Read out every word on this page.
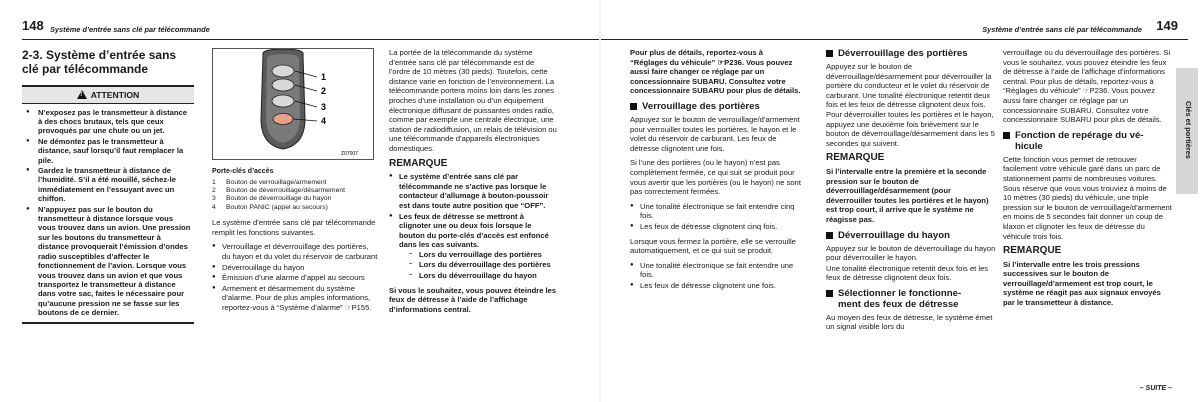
148 Système d’entrée sans clé par télécommande
2-3. Système d’entrée sans
clé par télécommande
!ATTENTION
● N’exposez pas le transmetteur à distance à des chocs brutaux, tels que ceux provoqués par une chute ou un jet.
● Ne démontez pas le transmetteur à distance, sauf lorsqu’il faut remplacer la pile.
● Gardez le transmetteur à distance de l’humidité. S’il a été mouillé, séchez-le immédiatement en l’essuyant avec un chiffon.
● N’appuyez pas sur le bouton du transmetteur à distance lorsque vous vous trouvez dans un avion. Une pression sur les boutons du transmetteur à distance provoquerait l’émission d’ondes radio susceptibles d’affecter le fonctionnement de l’avion. Lorsque vous vous trouvez dans un avion et que vous transportez le transmetteur à distance dans votre sac, faites le nécessaire pour qu’aucune pression ne se fasse sur les boutons de ce dernier.
1
2
3
4
Z07007
Porte-clés d’accès
1 Bouton de verrouillage/armement
2 Bouton de déverrouillage/désarmement
3 Bouton de déverrouillage du hayon
4 Bouton PANIC (appel au secours)

Le système d’entrée sans clé par télécommande remplit les fonctions suivantes.

● Verrouillage et déverrouillage des portières, du hayon et du volet du réservoir de carburant
● Déverrouillage du hayon
● Émission d’une alarme d’appel au secours
● Armement et désarmement du système d’alarme. Pour de plus amples informations, reportez-vous à “Système d’alarme” ☞P155.

La portée de la télécommande du système d’entrée sans clé par télécommande est de l’ordre de 10 mètres (30 pieds). Toutefois, cette distance varie en fonction de l’environnement. La télécommande portera moins loin dans les zones proches d’une installation ou d’un équipement électronique diffusant de puissantes ondes radio, comme par exemple une centrale électrique, une station de radiodiffusion, un relais de télévision ou une télécommande d’appareils électroniques domestiques.

REMARQUE
● Le système d’entrée sans clé par télécommande ne s’active pas lorsque le contacteur d’allumage à bouton-poussoir est dans toute autre position que “OFF”.
● Les feux de détresse se mettront à clignoter une ou deux fois lorsque le bouton du porte-clés d’accès est enfoncé dans les cas suivants.
– Lors du verrouillage des portières
– Lors du déverrouillage des portières
– Lors du déverrouillage du hayon

Si vous le souhaitez, vous pouvez éteindre les feux de détresse à l’aide de l’affichage d’informations central.

Système d’entrée sans clé par télécommande 149

Pour plus de détails, reportez-vous à “Réglages du véhicule” ☞P236. Vous pouvez aussi faire changer ce réglage par un concessionnaire SUBARU. Consultez votre concessionnaire SUBARU pour plus de détails.

Verrouillage des portières

Appuyez sur le bouton de verrouillage/d’armement pour verrouiller toutes les portières, le hayon et le volet du réservoir de carburant. Les feux de détresse clignotent une fois.

Si l’une des portières (ou le hayon) n’est pas complètement fermée, ce qui suit se produit pour vous avertir que les portières (ou le hayon) ne sont pas correctement fermées.

● Une tonalité électronique se fait entendre cinq fois.
● Les feux de détresse clignotent cinq fois.

Lorsque vous fermez la portière, elle se verrouille automatiquement, et ce qui suit se produit.

● Une tonalité électronique se fait entendre une fois.
● Les feux de détresse clignotent une fois.
Déverrouillage des portières

Appuyez sur le bouton de déverrouillage/désarmement pour déverrouiller la portière du conducteur et le volet du réservoir de carburant. Une tonalité électronique retentit deux fois et les feux de détresse clignotent deux fois. Pour déverrouiller toutes les portières et le hayon, appuyez une deuxième fois brièvement sur le bouton de déverrouillage/désarmement dans les 5 secondes qui suivent.

REMARQUE

Si l’intervalle entre la première et la seconde pression sur le bouton de déverrouillage/désarmement (pour déverrouiller toutes les portières et le hayon) est trop court, il arrive que le système ne réagisse pas.

Déverrouillage du hayon

Appuyez sur le bouton de déverrouillage du hayon pour déverrouiller le hayon.

Une tonalité électronique retentit deux fois et les feux de détresse clignotent deux fois.

Sélectionner le fonctionne-
ment des feux de détresse

Au moyen des feux de détresse, le système émet un signal visible lors du

verrouillage ou du déverrouillage des portières. Si vous le souhaitez, vous pouvez éteindre les feux de détresse à l’aide de l’affichage d’informations central. Pour plus de détails, reportez-vous à “Réglages du véhicule” ☞P236. Vous pouvez aussi faire changer ce réglage par un concessionnaire SUBARU. Consultez votre concessionnaire SUBARU pour plus de détails.

Fonction de repérage du vé-
hicule

Cette fonction vous permet de retrouver facilement votre véhicule garé dans un parc de stationnement parmi de nombreuses voitures. Sous réserve que vous vous trouviez à moins de 10 mètres (30 pieds) du véhicule, une triple pression sur le bouton de verrouillage/d’armement en moins de 5 secondes fait donner un coup de klaxon et clignoter les feux de détresse du véhicule trois fois.

REMARQUE

Si l’intervalle entre les trois pressions successives sur le bouton de verrouillage/d’armement est trop court, le système ne réagit pas aux signaux envoyés par le transmetteur à distance.

Clés et portières
– SUITE –
